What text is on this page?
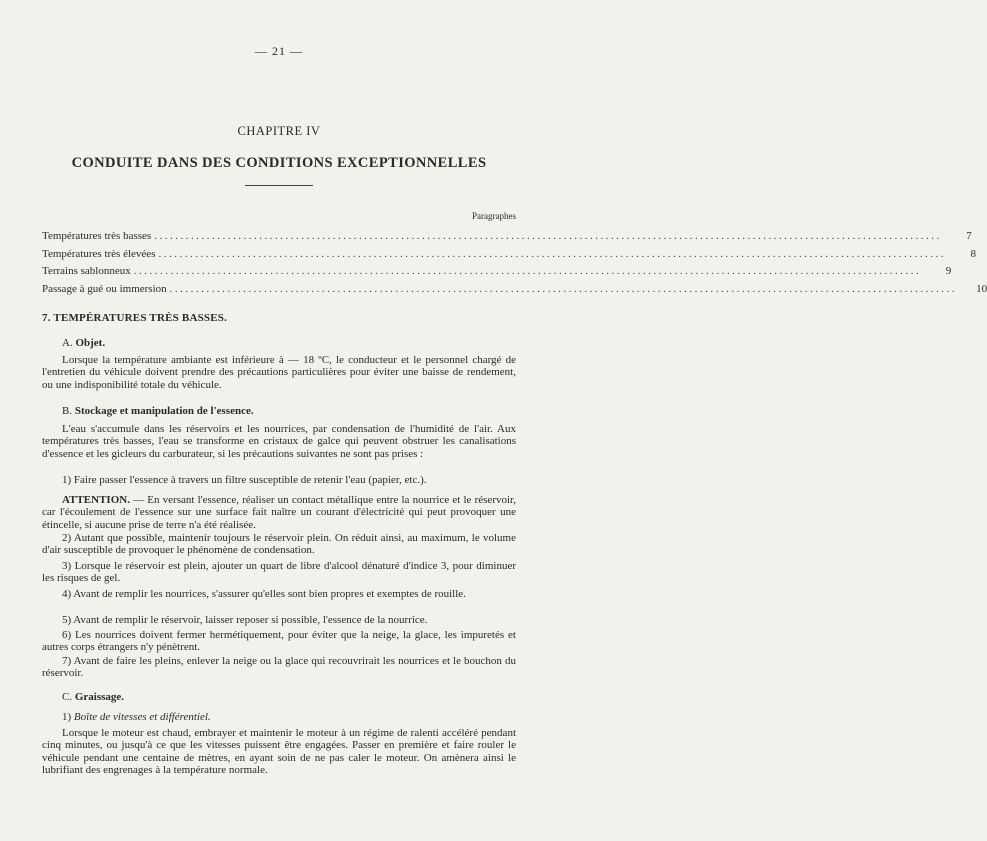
— 21 —
CHAPITRE IV
CONDUITE DANS DES CONDITIONS EXCEPTIONNELLES
Paragraphes
Températures très basses ......................................................................................................................................................	7
Températures très élevées ......................................................................................................................................................	8
Terrains sablonneux ......................................................................................................................................................	9
Passage à gué ou immersion ......................................................................................................................................................	10
7. TEMPÉRATURES TRÈS BASSES.
A. Objet.

Lorsque la température ambiante est inférieure à — 18 ºC, le conducteur et le personnel chargé de l'entretien du véhicule doivent prendre des précautions particulières pour éviter une baisse de rendement, ou une indisponibilité totale du véhicule.

B. Stockage et manipulation de l'essence.

L'eau s'accumule dans les réservoirs et les nourrices, par condensation de l'humidité de l'air. Aux températures très basses, l'eau se transforme en cristaux de galce qui peuvent obstruer les canalisations d'essence et les gicleurs du carburateur, si les précautions suivantes ne sont pas prises :

1) Faire passer l'essence à travers un filtre susceptible de retenir l'eau (papier, etc.).

ATTENTION. — En versant l'essence, réaliser un contact métallique entre la nourrice et le réservoir, car l'écoulement de l'essence sur une surface fait naître un courant d'électricité qui peut provoquer une étincelle, si aucune prise de terre n'a été réalisée.

2) Autant que possible, maintenir toujours le réservoir plein. On réduit ainsi, au maximum, le volume d'air susceptible de provoquer le phénomène de condensation.

3) Lorsque le réservoir est plein, ajouter un quart de libre d'alcool dénaturé d'indice 3, pour diminuer les risques de gel.

4) Avant de remplir les nourrices, s'assurer qu'elles sont bien propres et exemptes de rouille.

5) Avant de remplir le réservoir, laisser reposer si possible, l'essence de la nourrice.

6) Les nourrices doivent fermer hermétiquement, pour éviter que la neige, la glace, les impuretés et autres corps étrangers n'y pénètrent.

7) Avant de faire les pleins, enlever la neige ou la glace qui recouvrirait les nourrices et le bouchon du réservoir.

C. Graissage.
1) Boîte de vitesses et différentiel.

Lorsque le moteur est chaud, embrayer et maintenir le moteur à un régime de ralenti accéléré pendant cinq minutes, ou jusqu'à ce que les vitesses puissent être engagées. Passer en première et faire rouler le véhicule pendant une centaine de mètres, en ayant soin de ne pas caler le moteur. On amènera ainsi le lubrifiant des engrenages à la température normale.
